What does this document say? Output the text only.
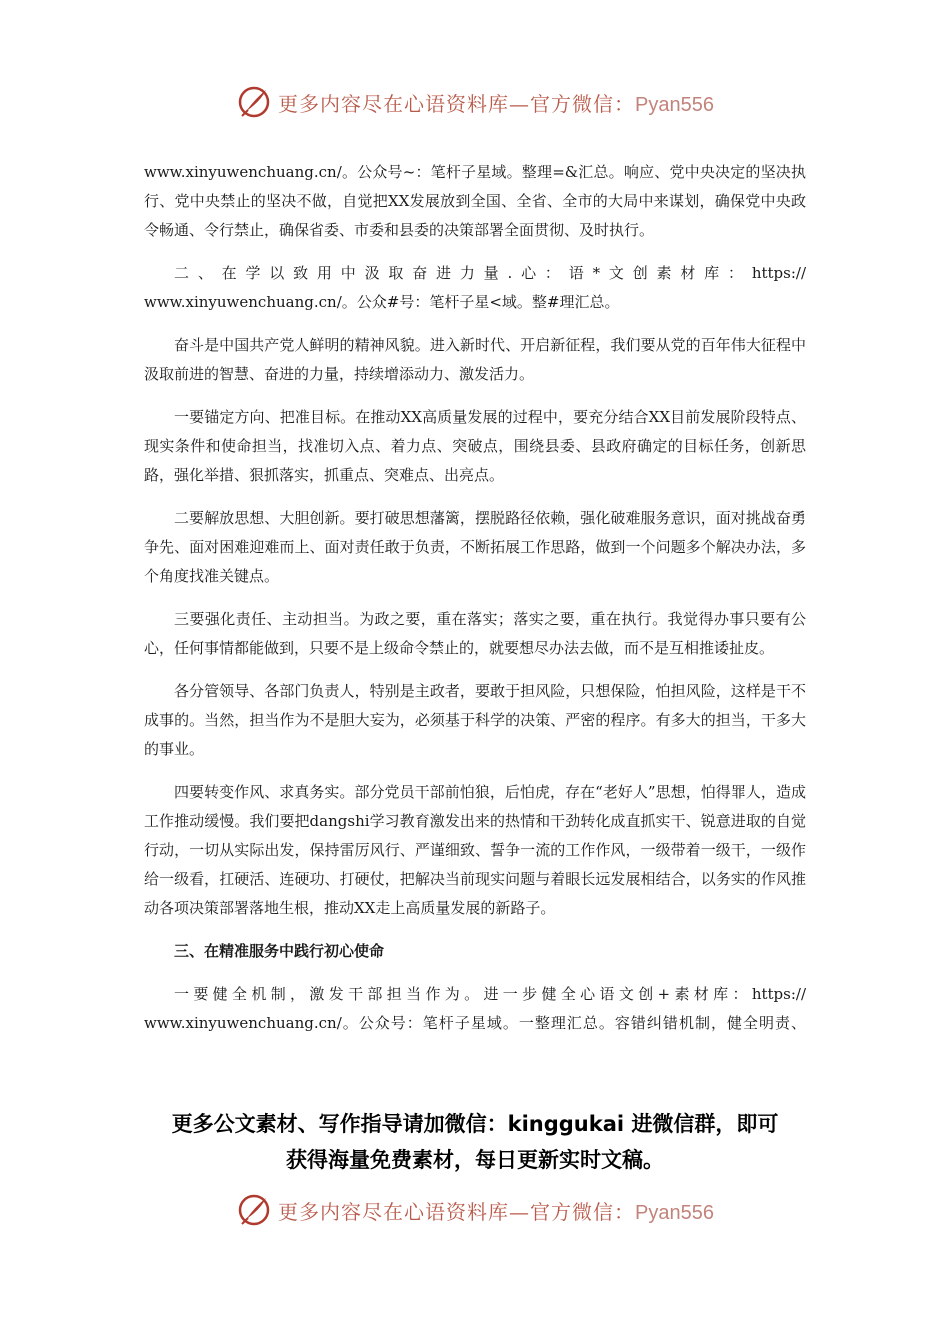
更多内容尽在心语资料库—官方微信：Pyan556

www.xinyuwenchuang.cn/。公众号~：笔杆子星域。整理=&汇总。响应、党中央决定的坚决执行、党中央禁止的坚决不做，自觉把XX发展放到全国、全省、全市的大局中来谋划，确保党中央政令畅通、令行禁止，确保省委、市委和县委的决策部署全面贯彻、及时执行。

二、在学以致用中汲取奋进力量.心：语*文创素材库：https://
www.xinyuwenchuang.cn/。公众#号：笔杆子星<域。整#理汇总。

奋斗是中国共产党人鲜明的精神风貌。进入新时代、开启新征程，我们要从党的百年伟大征程中汲取前进的智慧、奋进的力量，持续增添动力、激发活力。

一要锚定方向、把准目标。在推动XX高质量发展的过程中，要充分结合XX目前发展阶段特点、现实条件和使命担当，找准切入点、着力点、突破点，围绕县委、县政府确定的目标任务，创新思路，强化举措、狠抓落实，抓重点、突难点、出亮点。

二要解放思想、大胆创新。要打破思想藩篱，摆脱路径依赖，强化破难服务意识，面对挑战奋勇争先、面对困难迎难而上、面对责任敢于负责，不断拓展工作思路，做到一个问题多个解决办法，多个角度找准关键点。

三要强化责任、主动担当。为政之要，重在落实；落实之要，重在执行。我觉得办事只要有公心，任何事情都能做到，只要不是上级命令禁止的，就要想尽办法去做，而不是互相推诿扯皮。

各分管领导、各部门负责人，特别是主政者，要敢于担风险，只想保险，怕担风险，这样是干不成事的。当然，担当作为不是胆大妄为，必须基于科学的决策、严密的程序。有多大的担当，干多大的事业。

四要转变作风、求真务实。部分党员干部前怕狼，后怕虎，存在“老好人”思想，怕得罪人，造成工作推动缓慢。我们要把dangshi学习教育激发出来的热情和干劲转化成直抓实干、锐意进取的自觉行动，一切从实际出发，保持雷厉风行、严谨细致、誓争一流的工作作风，一级带着一级干，一级作给一级看，扛硬活、连硬功、打硬仗，把解决当前现实问题与着眼长远发展相结合，以务实的作风推动各项决策部署落地生根，推动XX走上高质量发展的新路子。

三、在精准服务中践行初心使命

一要健全机制，激发干部担当作为。进一步健全心语文创+素材库：https://
www.xinyuwenchuang.cn/。公众号：笔杆子星域。一整理汇总。容错纠错机制，健全明责、
更多公文素材、写作指导请加微信：kinggukai 进微信群，即可
获得海量免费素材，每日更新实时文稿。
更多内容尽在心语资料库—官方微信：Pyan556
